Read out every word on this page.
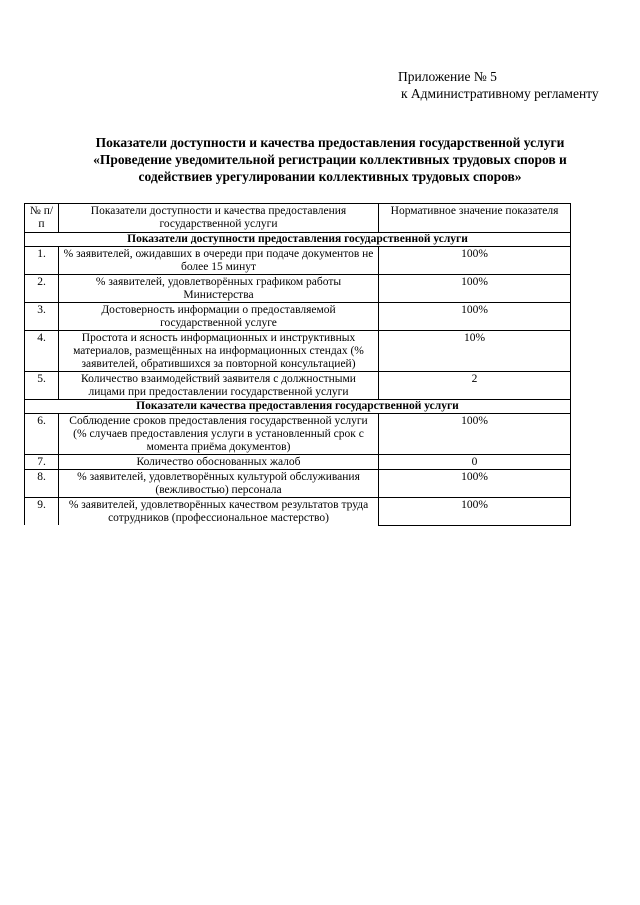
Приложение № 5
к Административному регламенту
Показатели доступности и качества предоставления государственной услуги
«Проведение уведомительной регистрации коллективных трудовых споров и
содействиев урегулировании коллективных трудовых споров»
№ п/п	Показатели доступности и качества предоставления государственной услуги	Нормативное значение показателя
Показатели доступности предоставления государственной услуги		
1.	% заявителей, ожидавших в очереди при подаче документов не более 15 минут	100%
2.	% заявителей, удовлетворённых графиком работы Министерства	100%
3.	Достоверность информации о предоставляемой государственной услуге	100%
4.	Простота и ясность информационных и инструктивных материалов, размещённых на информационных стендах (% заявителей, обратившихся за повторной консультацией)	10%
5.	Количество взаимодействий заявителя с должностными лицами при предоставлении государственной услуги	2
Показатели качества предоставления государственной услуги		
6.	Соблюдение сроков предоставления государственной услуги (% случаев предоставления услуги в установленный срок с момента приёма документов)	100%
7.	Количество обоснованных жалоб	0
8.	% заявителей, удовлетворённых культурой обслуживания (вежливостью) персонала	100%
9.	% заявителей, удовлетворённых качеством результатов труда сотрудников (профессиональное мастерство)	100%
